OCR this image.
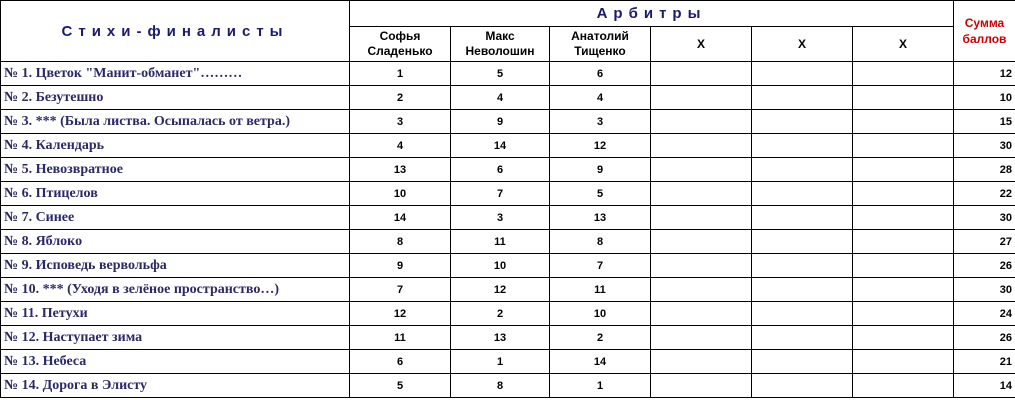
Стихи-финалисты	Арбитры						Сумма баллов
	Софья Сладенько	Макс Неволошин	Анатолий Тищенко	Х	Х	Х	
№ 1. Цветок "Манит-обманет"………	1	5	6				12
№ 2. Безутешно	2	4	4				10
№ 3. *** (Была листва. Осыпалась от ветра.)	3	9	3				15
№ 4. Календарь	4	14	12				30
№ 5. Невозвратное	13	6	9				28
№ 6. Птицелов	10	7	5				22
№ 7. Синее	14	3	13				30
№ 8. Яблоко	8	11	8				27
№ 9. Исповедь вервольфа	9	10	7				26
№ 10. *** (Уходя в зелёное пространство…)	7	12	11				30
№ 11. Петухи	12	2	10				24
№ 12. Наступает зима	11	13	2				26
№ 13. Небеса	6	1	14				21
№ 14. Дорога в Элисту	5	8	1				14
